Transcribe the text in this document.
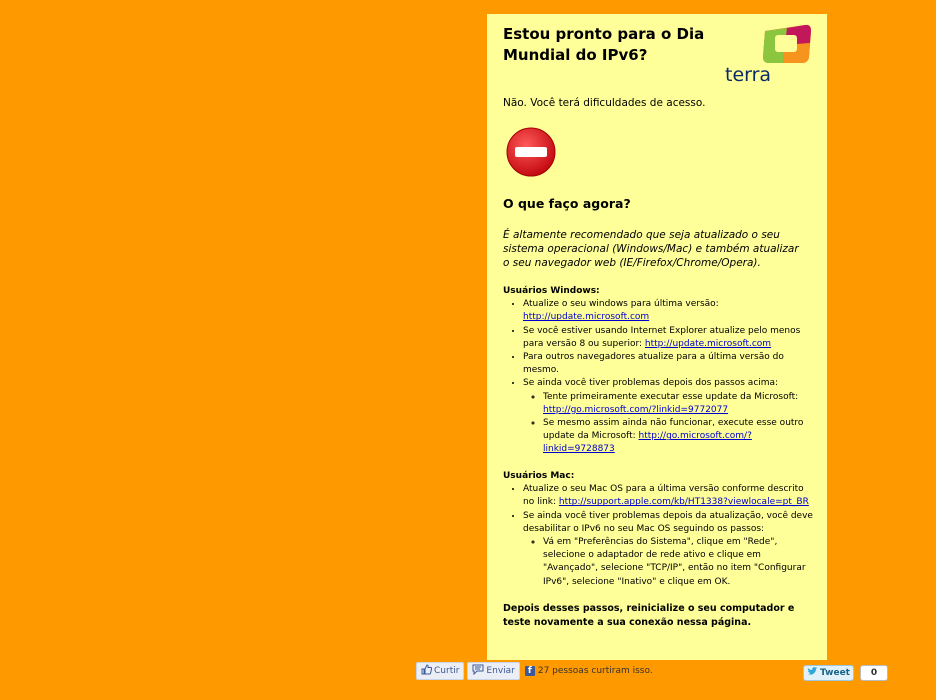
Estou pronto para o Dia Mundial do IPv6?
terra
Não. Você terá dificuldades de acesso.
O que faço agora?
É altamente recomendado que seja atualizado o seu sistema operacional (Windows/Mac) e também atualizar o seu navegador web (IE/Firefox/Chrome/Opera).
Usuários Windows:
• Atualize o seu windows para última versão: http://update.microsoft.com
• Se você estiver usando Internet Explorer atualize pelo menos para versão 8 ou superior: http://update.microsoft.com
• Para outros navegadores atualize para a última versão do mesmo.
• Se ainda você tiver problemas depois dos passos acima:
◦ Tente primeiramente executar esse update da Microsoft: http://go.microsoft.com/?linkid=9772077
◦ Se mesmo assim ainda não funcionar, execute esse outro update da Microsoft: http://go.microsoft.com/?linkid=9728873
Usuários Mac:
• Atualize o seu Mac OS para a última versão conforme descrito no link: http://support.apple.com/kb/HT1338?viewlocale=pt_BR
• Se ainda você tiver problemas depois da atualização, você deve desabilitar o IPv6 no seu Mac OS seguindo os passos:
◦ Vá em "Preferências do Sistema", clique em "Rede", selecione o adaptador de rede ativo e clique em "Avançado", selecione "TCP/IP", então no item "Configurar IPv6", selecione "Inativo" e clique em OK.
Depois desses passos, reinicialize o seu computador e teste novamente a sua conexão nessa página.
Curtir	Enviar	f 27 pessoas curtiram isso.	Tweet	0
